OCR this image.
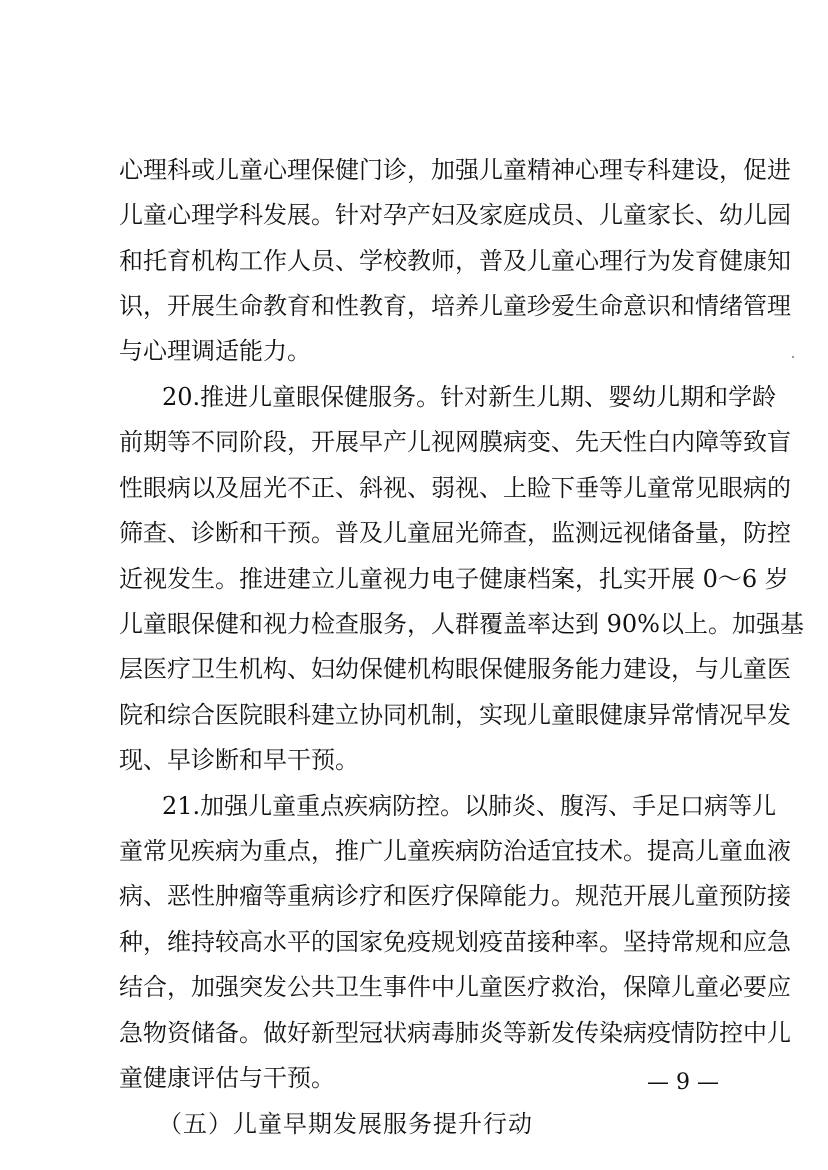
心理科或儿童心理保健门诊，加强儿童精神心理专科建设，促进
儿童心理学科发展。针对孕产妇及家庭成员、儿童家长、幼儿园
和托育机构工作人员、学校教师，普及儿童心理行为发育健康知
识，开展生命教育和性教育，培养儿童珍爱生命意识和情绪管理
与心理调适能力。
20.推进儿童眼保健服务。针对新生儿期、婴幼儿期和学龄
前期等不同阶段，开展早产儿视网膜病变、先天性白内障等致盲
性眼病以及屈光不正、斜视、弱视、上睑下垂等儿童常见眼病的
筛查、诊断和干预。普及儿童屈光筛查，监测远视储备量，防控
近视发生。推进建立儿童视力电子健康档案，扎实开展 0～6 岁
儿童眼保健和视力检查服务，人群覆盖率达到 90%以上。加强基
层医疗卫生机构、妇幼保健机构眼保健服务能力建设，与儿童医
院和综合医院眼科建立协同机制，实现儿童眼健康异常情况早发
现、早诊断和早干预。
21.加强儿童重点疾病防控。以肺炎、腹泻、手足口病等儿
童常见疾病为重点，推广儿童疾病防治适宜技术。提高儿童血液
病、恶性肿瘤等重病诊疗和医疗保障能力。规范开展儿童预防接
种，维持较高水平的国家免疫规划疫苗接种率。坚持常规和应急
结合，加强突发公共卫生事件中儿童医疗救治，保障儿童必要应
急物资储备。做好新型冠状病毒肺炎等新发传染病疫情防控中儿
童健康评估与干预。
（五）儿童早期发展服务提升行动
— 9 —
